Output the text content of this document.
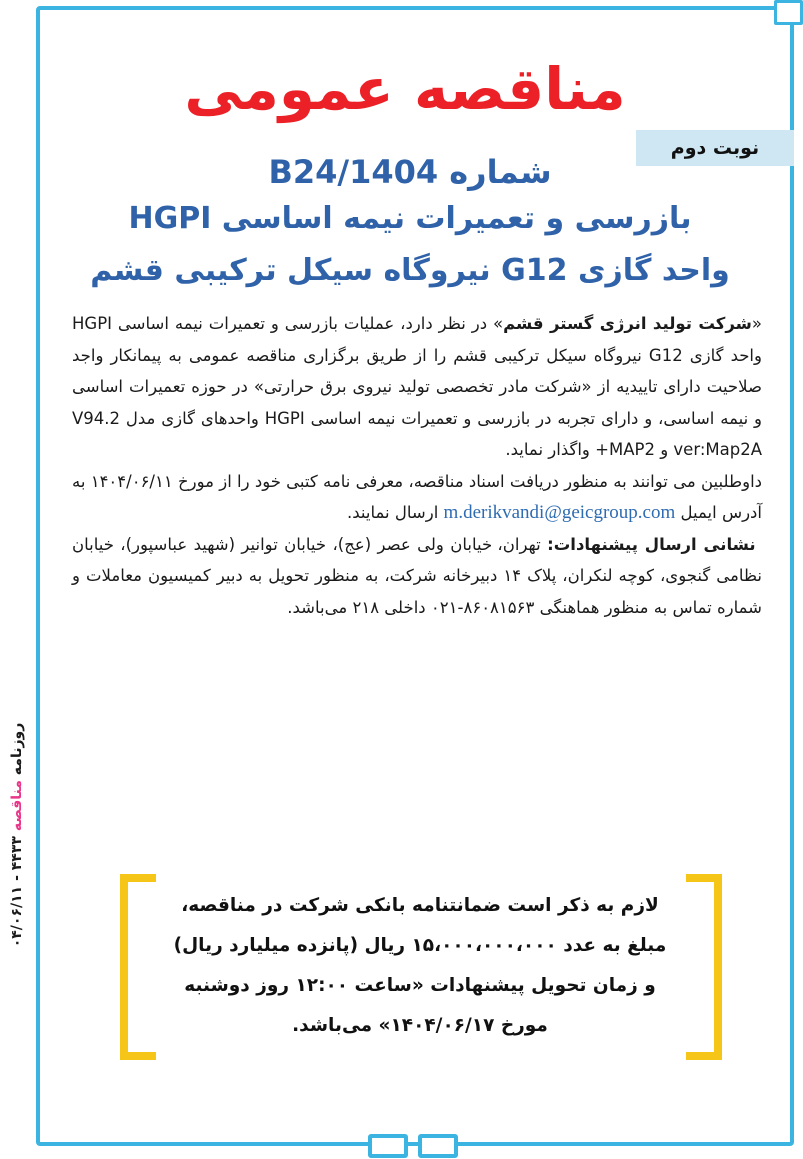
مناقصه عمومی
نوبت دوم
شماره 1404/B24
بازرسی و تعمیرات نیمه اساسی HGPI
واحد گازی G12 نیروگاه سیکل ترکیبی قشم

«شرکت تولید انرژی گستر قشم» در نظر دارد، عملیات بازرسی و تعمیرات نیمه اساسی HGPI واحد گازی G12 نیروگاه سیکل ترکیبی قشم را از طریق برگزاری مناقصه عمومی به پیمانکار واجد صلاحیت دارای تاییدیه از «شرکت مادر تخصصی تولید نیروی برق حرارتی» در حوزه تعمیرات اساسی و نیمه اساسی، و دارای تجربه در بازرسی و تعمیرات نیمه اساسی HGPI واحدهای گازی مدل V94.2 ver:Map2A و MAP2+ واگذار نماید.

داوطلبین می توانند به منظور دریافت اسناد مناقصه، معرفی نامه کتبی خود را از مورخ ۱۴۰۴/۰۶/۱۱ به آدرس ایمیل m.derikvandi@geicgroup.com ارسال نمایند.

نشانی ارسال پیشنهادات: تهران، خیابان ولی عصر (عج)، خیابان توانیر (شهید عباسپور)، خیابان نظامی گنجوی، کوچه لنکران، پلاک ۱۴ دبیرخانه شرکت، به منظور تحویل به دبیر کمیسیون معاملات و شماره تماس به منظور هماهنگی ۸۶۰۸۱۵۶۳-۰۲۱ داخلی ۲۱۸ می‌باشد.

روزنامه مناقصه ۴۴۳۳ - ۰۴/۰۶/۱۱
لازم به ذکر است ضمانتنامه بانکی شرکت در مناقصه،
مبلغ به عدد ۱۵،۰۰۰،۰۰۰،۰۰۰ ریال (پانزده میلیارد ریال)
و زمان تحویل پیشنهادات «ساعت ۱۲:۰۰ روز دوشنبه
مورخ ۱۴۰۴/۰۶/۱۷» می‌باشد.
